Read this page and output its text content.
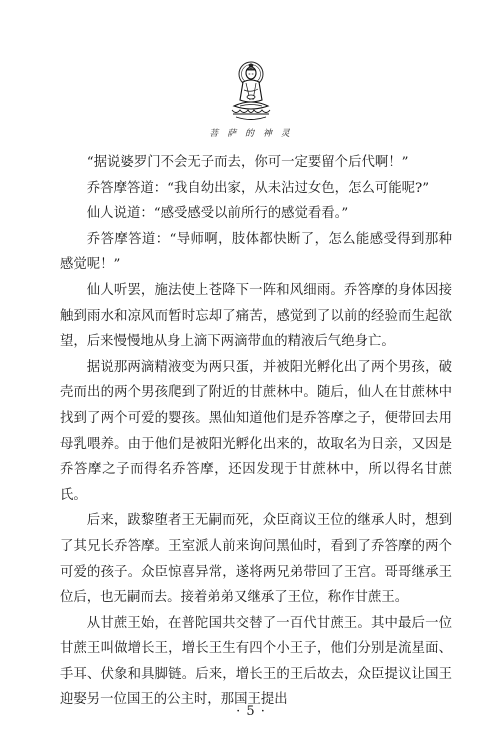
菩 萨 的 神 灵

“据说婆罗门不会无子而去，你可一定要留个后代啊！”

乔答摩答道：“我自幼出家，从未沾过女色，怎么可能呢?”

仙人说道：“感受感受以前所行的感觉看看。”

乔答摩答道：“导师啊，肢体都快断了，怎么能感受得到那种感觉呢！”

仙人听罢，施法使上苍降下一阵和风细雨。乔答摩的身体因接触到雨水和凉风而暂时忘却了痛苦，感觉到了以前的经验而生起欲望，后来慢慢地从身上滴下两滴带血的精液后气绝身亡。

据说那两滴精液变为两只蛋，并被阳光孵化出了两个男孩，破壳而出的两个男孩爬到了附近的甘蔗林中。随后，仙人在甘蔗林中找到了两个可爱的婴孩。黑仙知道他们是乔答摩之子，便带回去用母乳喂养。由于他们是被阳光孵化出来的，故取名为日亲，又因是乔答摩之子而得名乔答摩，还因发现于甘蔗林中，所以得名甘蔗氏。

后来，跋黎堕者王无嗣而死，众臣商议王位的继承人时，想到了其兄长乔答摩。王室派人前来询问黑仙时，看到了乔答摩的两个可爱的孩子。众臣惊喜异常，遂将两兄弟带回了王宫。哥哥继承王位后，也无嗣而去。接着弟弟又继承了王位，称作甘蔗王。

从甘蔗王始，在普陀国共交替了一百代甘蔗王。其中最后一位甘蔗王叫做增长王，增长王生有四个小王子，他们分别是流星面、手耳、伏象和具脚链。后来，增长王的王后故去，众臣提议让国王迎娶另一位国王的公主时，那国王提出

· 5 ·
